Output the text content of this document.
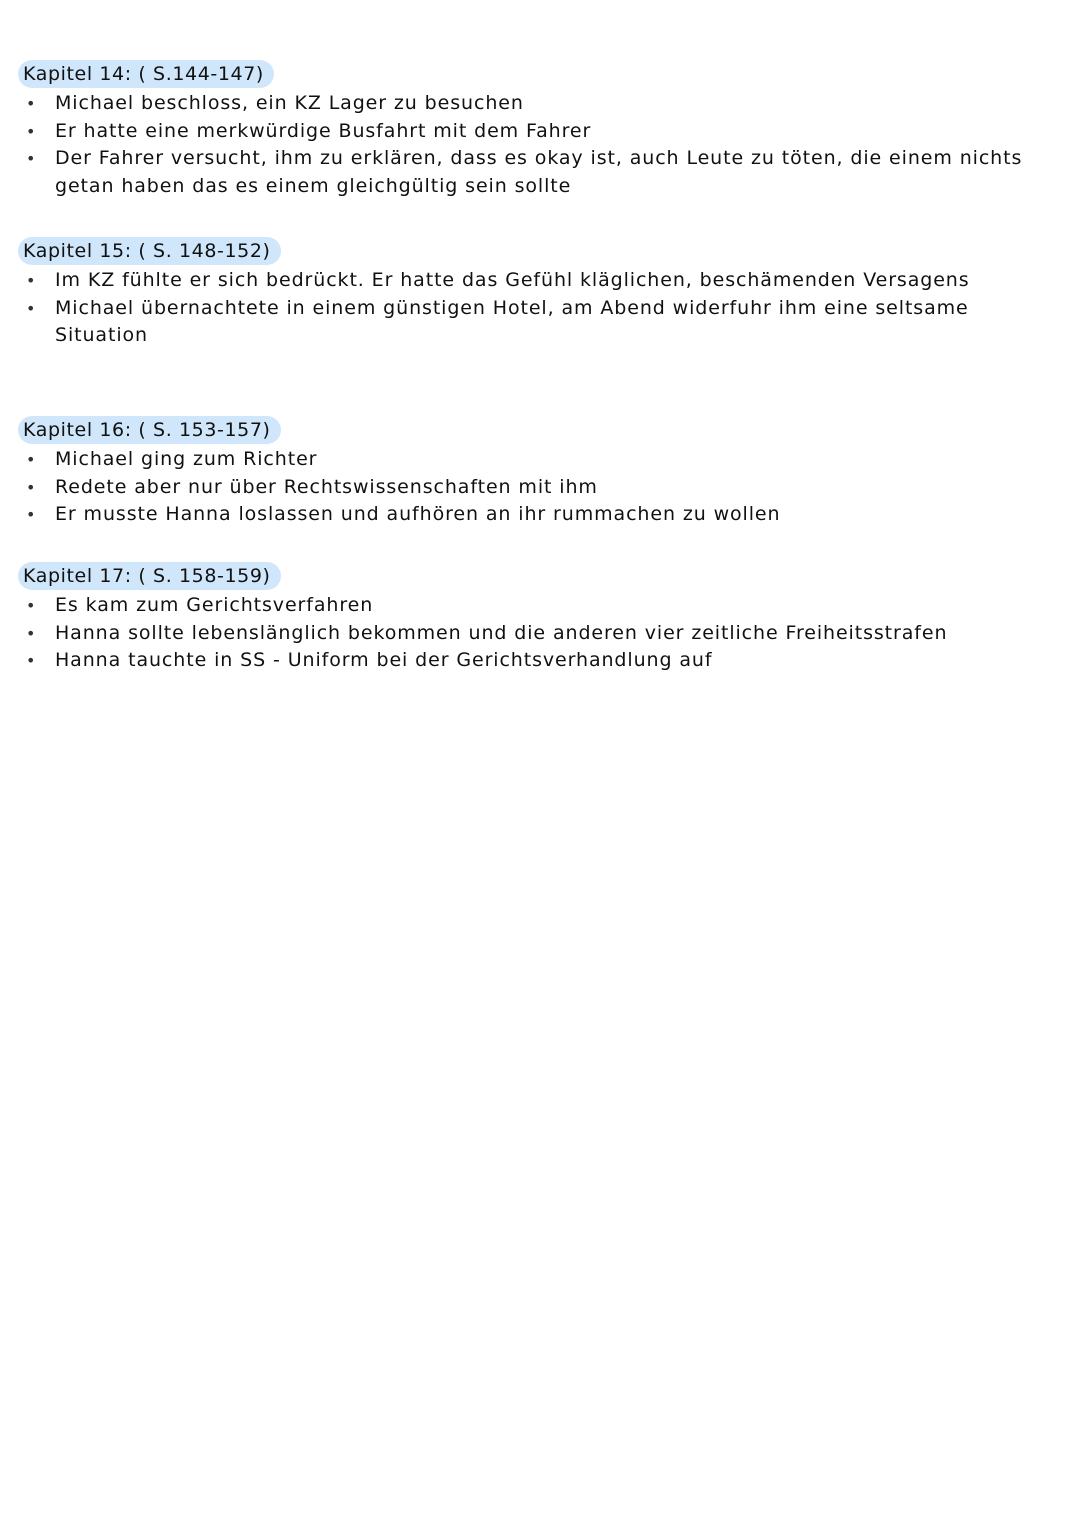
Kapitel 14: ( S.144-147)
• Michael beschloss, ein KZ Lager zu besuchen
• Er hatte eine merkwürdige Busfahrt mit dem Fahrer
• Der Fahrer versucht, ihm zu erklären, dass es okay ist, auch Leute zu töten, die einem nichts getan haben das es einem gleichgültig sein sollte
Kapitel 15: ( S. 148-152)
• Im KZ fühlte er sich bedrückt. Er hatte das Gefühl kläglichen, beschämenden Versagens
• Michael übernachtete in einem günstigen Hotel, am Abend widerfuhr ihm eine seltsame Situation
Kapitel 16: ( S. 153-157)
• Michael ging zum Richter
• Redete aber nur über Rechtswissenschaften mit ihm
• Er musste Hanna loslassen und aufhören an ihr rummachen zu wollen
Kapitel 17: ( S. 158-159)
• Es kam zum Gerichtsverfahren
• Hanna sollte lebenslänglich bekommen und die anderen vier zeitliche Freiheitsstrafen
• Hanna tauchte in SS - Uniform bei der Gerichtsverhandlung auf
